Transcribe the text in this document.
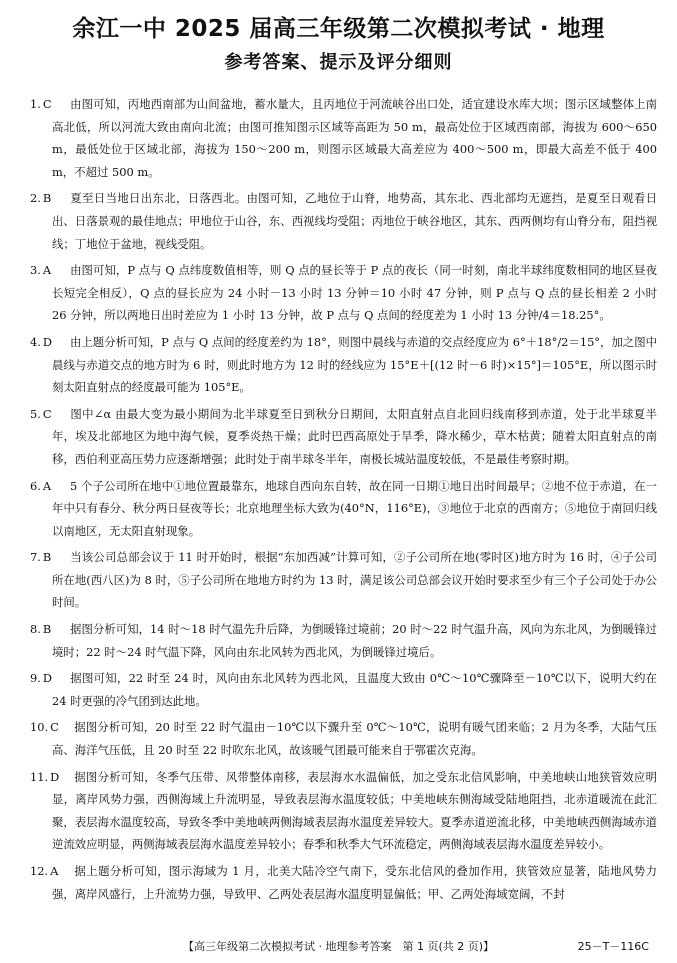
余江一中 2025 届高三年级第二次模拟考试 · 地理
参考答案、提示及评分细则
1. C	由图可知，丙地西南部为山间盆地，蓄水量大，且丙地位于河流峡谷出口处，适宜建设水库大坝；图示区域整体上南高北低，所以河流大致由南向北流；由图可推知图示区域等高距为 50 m，最高处位于区域西南部，海拔为 600～650 m，最低处位于区域北部，海拔为 150～200 m，则图示区域最大高差应为 400～500 m，即最大高差不低于 400 m，不超过 500 m。
2. B	夏至日当地日出东北，日落西北。由图可知，乙地位于山脊，地势高，其东北、西北部均无遮挡，是夏至日观看日出、日落景观的最佳地点；甲地位于山谷，东、西视线均受阻；丙地位于峡谷地区，其东、西两侧均有山脊分布，阻挡视线；丁地位于盆地，视线受阻。
3. A	由图可知，P 点与 Q 点纬度数值相等，则 Q 点的昼长等于 P 点的夜长（同一时刻，南北半球纬度数相同的地区昼夜长短完全相反），Q 点的昼长应为 24 小时－13 小时 13 分钟＝10 小时 47 分钟，则 P 点与 Q 点的昼长相差 2 小时 26 分钟，所以两地日出时差应为 1 小时 13 分钟，故 P 点与 Q 点间的经度差为 1 小时 13 分钟/4＝18.25°。
4. D	由上题分析可知，P 点与 Q 点间的经度差约为 18°，则图中晨线与赤道的交点经度应为 6°＋18°/2＝15°，加之图中晨线与赤道交点的地方时为 6 时，则此时地方为 12 时的经线应为 15°E＋[(12 时－6 时)×15°]＝105°E，所以图示时刻太阳直射点的经度最可能为 105°E。
5. C	图中∠α 由最大变为最小期间为北半球夏至日到秋分日期间，太阳直射点自北回归线南移到赤道，处于北半球夏半年，埃及北部地区为地中海气候，夏季炎热干燥；此时巴西高原处于旱季，降水稀少，草木枯黄；随着太阳直射点的南移，西伯利亚高压势力应逐渐增强；此时处于南半球冬半年，南极长城站温度较低，不是最佳考察时期。
6. A	5 个子公司所在地中①地位置最靠东，地球自西向东自转，故在同一日期①地日出时间最早；②地不位于赤道，在一年中只有春分、秋分两日昼夜等长；北京地理坐标大致为(40°N，116°E)，③地位于北京的西南方；⑤地位于南回归线以南地区，无太阳直射现象。
7. B	当该公司总部会议于 11 时开始时，根据“东加西减”计算可知，②子公司所在地(零时区)地方时为 16 时，④子公司所在地(西八区)为 8 时，⑤子公司所在地地方时约为 13 时，满足该公司总部会议开始时要求至少有三个子公司处于办公时间。
8. B	据图分析可知，14 时～18 时气温先升后降，为倒暖锋过境前；20 时～22 时气温升高，风向为东北风，为倒暖锋过境时；22 时～24 时气温下降，风向由东北风转为西北风，为倒暖锋过境后。
9. D	据图可知，22 时至 24 时，风向由东北风转为西北风，且温度大致由 0℃～10℃骤降至－10℃以下，说明大约在 24 时更强的冷气团到达此地。
10. C	据图分析可知，20 时至 22 时气温由－10℃以下骤升至 0℃～10℃，说明有暖气团来临；2 月为冬季，大陆气压高、海洋气压低，且 20 时至 22 时吹东北风，故该暖气团最可能来自于鄂霍次克海。
11. D	据图分析可知，冬季气压带、风带整体南移，表层海水水温偏低，加之受东北信风影响，中美地峡山地狭管效应明显，离岸风势力强，西侧海域上升流明显，导致表层海水温度较低；中美地峡东侧海域受陆地阻挡，北赤道暖流在此汇聚，表层海水温度较高，导致冬季中美地峡两侧海域表层海水温度差异较大。夏季赤道逆流北移，中美地峡西侧海域赤道逆流效应明显，两侧海域表层海水温度差异较小；春季和秋季大气环流稳定，两侧海域表层海水温度差异较小。
12. A	据上题分析可知，图示海域为 1 月，北美大陆冷空气南下，受东北信风的叠加作用，狭管效应显著，陆地风势力强，离岸风盛行，上升流势力强，导致甲、乙两处表层海水温度明显偏低；甲、乙两处海域宽阔，不封
【高三年级第二次模拟考试 · 地理参考答案　第 1 页(共 2 页)】	25－T－116C
